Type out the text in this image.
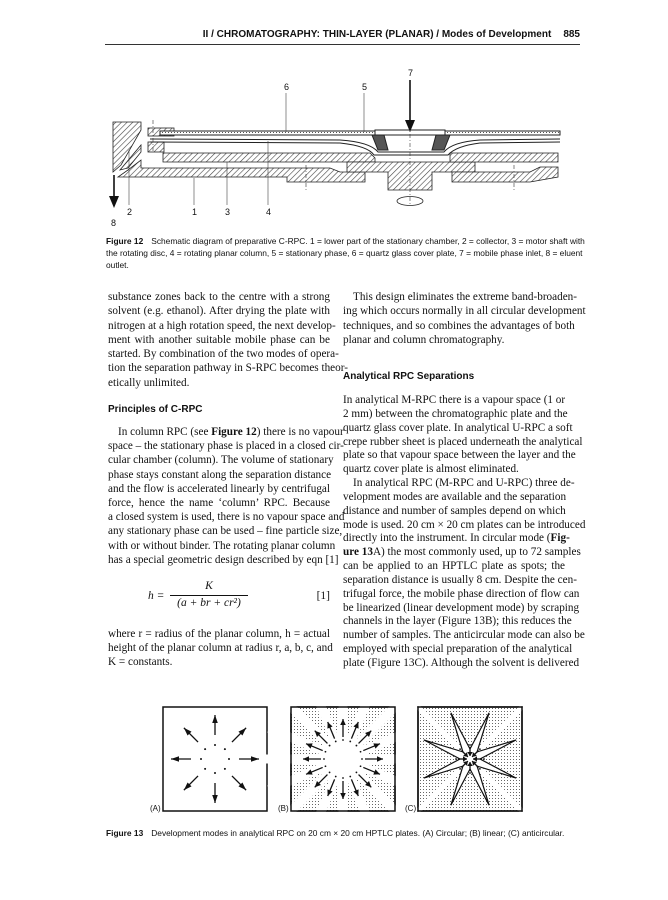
II / CHROMATOGRAPHY: THIN-LAYER (PLANAR) / Modes of Development 885
1
2	3	4
5
6
7
8
Figure 12 Schematic diagram of preparative C-RPC. 1 = lower part of the stationary chamber, 2 = collector, 3 = motor shaft with
the rotating disc, 4 = rotating planar column, 5 = stationary phase, 6 = quartz glass cover plate, 7 = mobile phase inlet, 8 = eluent
outlet.
substance zones back to the centre with a strong
solvent (e.g. ethanol). After drying the plate with
nitrogen at a high rotation speed, the next develop-
ment with another suitable mobile phase can be
started. By combination of the two modes of opera-
tion the separation pathway in S-RPC becomes theor-
etically unlimited.
Principles of C-RPC
In column RPC (see Figure 12) there is no vapour
space – the stationary phase is placed in a closed cir-
cular chamber (column). The volume of stationary
phase stays constant along the separation distance
and the flow is accelerated linearly by centrifugal
force, hence the name ‘column’ RPC. Because
a closed system is used, there is no vapour space and
any stationary phase can be used – fine particle size,
with or without binder. The rotating planar column
has a special geometric design described by eqn [1]
h =
K
(a + br + cr²)
[1]
where r = radius of the planar column, h = actual
height of the planar column at radius r, a, b, c, and
K = constants.
This design eliminates the extreme band-broaden-
ing which occurs normally in all circular development
techniques, and so combines the advantages of both
planar and column chromatography.
Analytical RPC Separations
In analytical M-RPC there is a vapour space (1 or
2 mm) between the chromatographic plate and the
quartz glass cover plate. In analytical U-RPC a soft
crepe rubber sheet is placed underneath the analytical
plate so that vapour space between the layer and the
quartz cover plate is almost eliminated.
In analytical RPC (M-RPC and U-RPC) three de-
velopment modes are available and the separation
distance and number of samples depend on which
mode is used. 20 cm × 20 cm plates can be introduced
directly into the instrument. In circular mode (Fig-
ure 13A) the most commonly used, up to 72 samples
can be applied to an HPTLC plate as spots; the
separation distance is usually 8 cm. Despite the cen-
trifugal force, the mobile phase direction of flow can
be linearized (linear development mode) by scraping
channels in the layer (Figure 13B); this reduces the
number of samples. The anticircular mode can also be
employed with special preparation of the analytical
plate (Figure 13C). Although the solvent is delivered
(A)	(B)	(C)
Figure 13 Development modes in analytical RPC on 20 cm × 20 cm HPTLC plates. (A) Circular; (B) linear; (C) anticircular.
